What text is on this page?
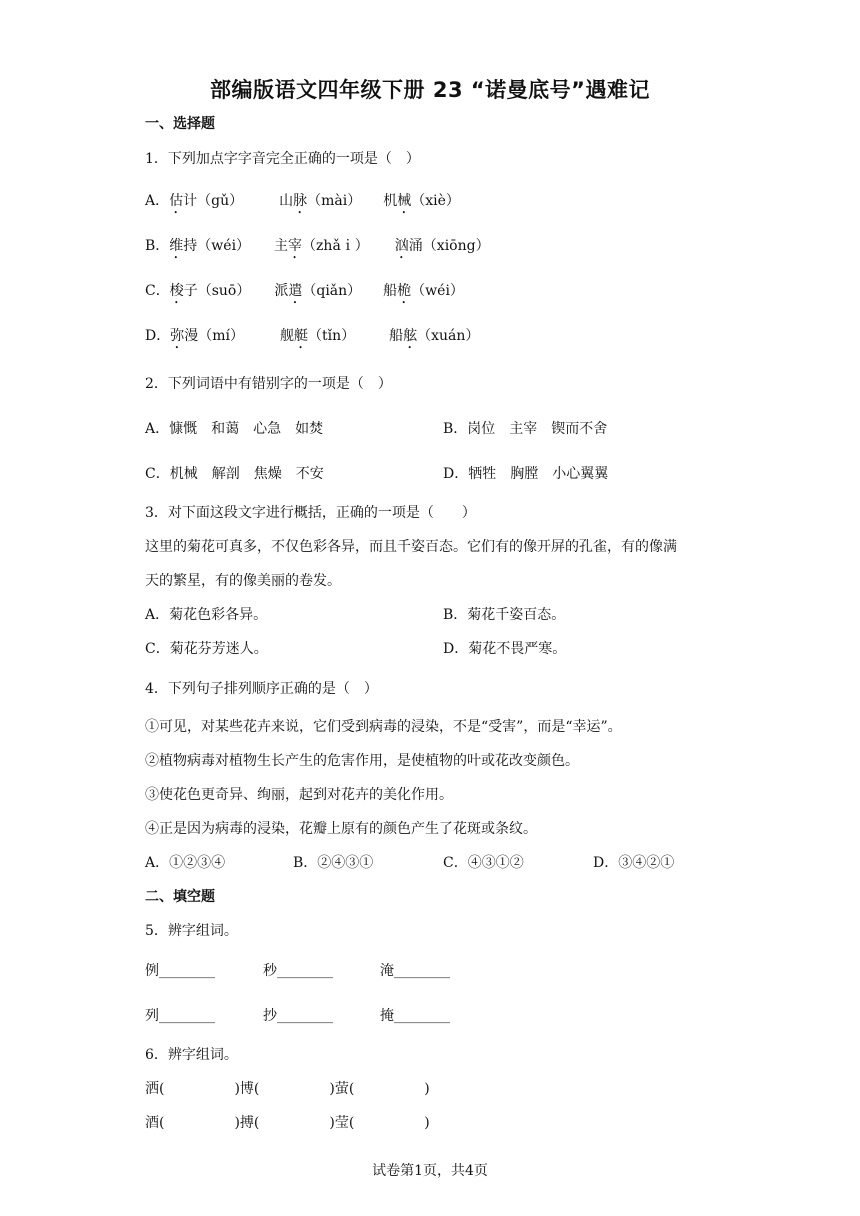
部编版语文四年级下册 23 “诺曼底号”遇难记
一、选择题
1．下列加点字字音完全正确的一项是（　）
A．估计（gǔ）	山脉（mài） 机械（xiè）
B．维持（wéi） 主宰（zhǎｉ） 汹涌（xiōng）
C．梭子（suō） 派遣（qiǎn） 船桅（wéi）
D．弥漫（mí）	舰艇（tǐn） 船舷（xuán）
2．下列词语中有错别字的一项是（　）
A．慷慨　和蔼　心急　如焚	B．岗位　主宰　锲而不舍
C．机械　解剖　焦燥　不安	D．牺牲　胸膛　小心翼翼
3．对下面这段文字进行概括，正确的一项是（　　）
这里的菊花可真多，不仅色彩各异，而且千姿百态。它们有的像开屏的孔雀，有的像满
天的繁星，有的像美丽的卷发。
A．菊花色彩各异。	B．菊花千姿百态。
C．菊花芬芳迷人。	D．菊花不畏严寒。
4．下列句子排列顺序正确的是（　）
①可见，对某些花卉来说，它们受到病毒的浸染，不是“受害”，而是“幸运”。
②植物病毒对植物生长产生的危害作用，是使植物的叶或花改变颜色。
③使花色更奇异、绚丽，起到对花卉的美化作用。
④正是因为病毒的浸染，花瓣上原有的颜色产生了花斑或条纹。
A．①②③④	B．②④③①	C．④③①②	D．③④②①
二、填空题
5．辨字组词。
例________	秒________	淹________
列________	抄________	掩________
6．辨字组词。
洒(　　　　　)博(　　　　　)萤(　　　　　)
酒(　　　　　)搏(　　　　　)莹(　　　　　)
试卷第1页，共4页
